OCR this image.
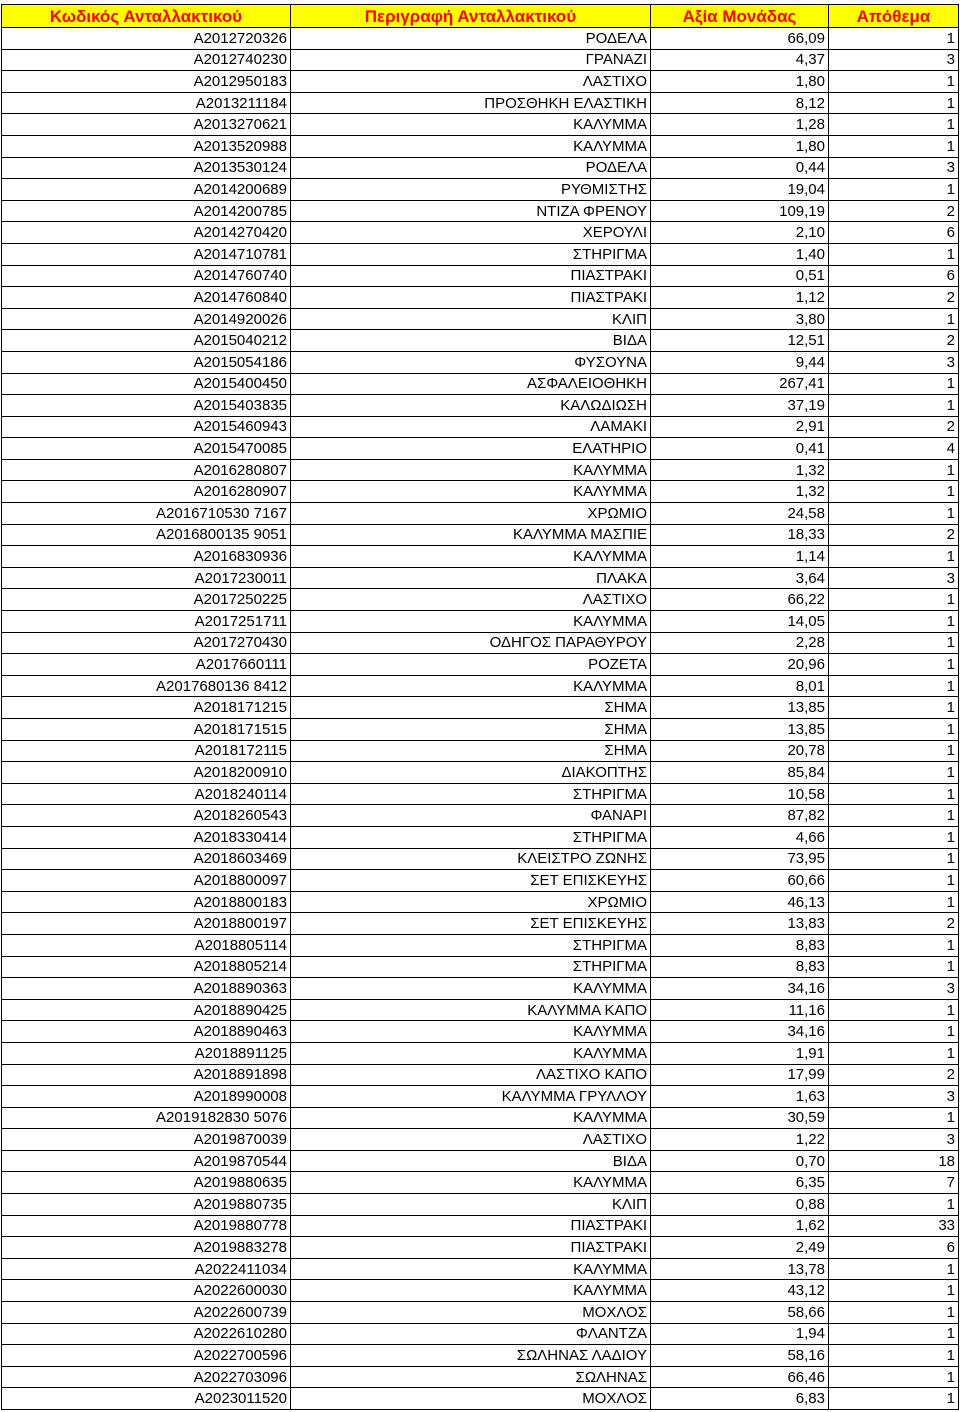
Κωδικός Ανταλλακτικού	Περιγραφή Ανταλλακτικού	Αξία Μονάδας	Απόθεμα
A2012720326	ΡΟΔΕΛΑ	66,09	1
A2012740230	ΓΡΑΝΑΖΙ	4,37	3
A2012950183	ΛΑΣΤΙΧΟ	1,80	1
A2013211184	ΠΡΟΣΘΗΚΗ ΕΛΑΣΤΙΚΗ	8,12	1
A2013270621	ΚΑΛΥΜΜΑ	1,28	1
A2013520988	ΚΑΛΥΜΜΑ	1,80	1
A2013530124	ΡΟΔΕΛΑ	0,44	3
A2014200689	ΡΥΘΜΙΣΤΗΣ	19,04	1
A2014200785	ΝΤΙΖΑ ΦΡΕΝΟΥ	109,19	2
A2014270420	ΧΕΡΟΥΛΙ	2,10	6
A2014710781	ΣΤΗΡΙΓΜΑ	1,40	1
A2014760740	ΠΙΑΣΤΡΑΚΙ	0,51	6
A2014760840	ΠΙΑΣΤΡΑΚΙ	1,12	2
A2014920026	ΚΛΙΠ	3,80	1
A2015040212	ΒΙΔΑ	12,51	2
A2015054186	ΦΥΣΟΥΝΑ	9,44	3
A2015400450	ΑΣΦΑΛΕΙΟΘΗΚΗ	267,41	1
A2015403835	ΚΑΛΩΔΙΩΣΗ	37,19	1
A2015460943	ΛΑΜΑΚΙ	2,91	2
A2015470085	ΕΛΑΤΗΡΙΟ	0,41	4
A2016280807	ΚΑΛΥΜΜΑ	1,32	1
A2016280907	ΚΑΛΥΜΜΑ	1,32	1
A2016710530 7167	ΧΡΩΜΙΟ	24,58	1
A2016800135 9051	ΚΑΛΥΜΜΑ ΜΑΣΠΙΕ	18,33	2
A2016830936	ΚΑΛΥΜΜΑ	1,14	1
A2017230011	ΠΛΑΚΑ	3,64	3
A2017250225	ΛΑΣΤΙΧΟ	66,22	1
A2017251711	ΚΑΛΥΜΜΑ	14,05	1
A2017270430	ΟΔΗΓΟΣ ΠΑΡΑΘΥΡΟΥ	2,28	1
A2017660111	ΡΟΖΕΤΑ	20,96	1
A2017680136 8412	ΚΑΛΥΜΜΑ	8,01	1
A2018171215	ΣΗΜΑ	13,85	1
A2018171515	ΣΗΜΑ	13,85	1
A2018172115	ΣΗΜΑ	20,78	1
A2018200910	ΔΙΑΚΟΠΤΗΣ	85,84	1
A2018240114	ΣΤΗΡΙΓΜΑ	10,58	1
A2018260543	ΦΑΝΑΡΙ	87,82	1
A2018330414	ΣΤΗΡΙΓΜΑ	4,66	1
A2018603469	ΚΛΕΙΣΤΡΟ ΖΩΝΗΣ	73,95	1
A2018800097	ΣΕΤ ΕΠΙΣΚΕΥΗΣ	60,66	1
A2018800183	ΧΡΩΜΙΟ	46,13	1
A2018800197	ΣΕΤ ΕΠΙΣΚΕΥΗΣ	13,83	2
A2018805114	ΣΤΗΡΙΓΜΑ	8,83	1
A2018805214	ΣΤΗΡΙΓΜΑ	8,83	1
A2018890363	ΚΑΛΥΜΜΑ	34,16	3
A2018890425	ΚΑΛΥΜΜΑ ΚΑΠΟ	11,16	1
A2018890463	ΚΑΛΥΜΜΑ	34,16	1
A2018891125	ΚΑΛΥΜΜΑ	1,91	1
A2018891898	ΛΑΣΤΙΧΟ ΚΑΠΟ	17,99	2
A2018990008	ΚΑΛΥΜΜΑ ΓΡΥΛΛΟΥ	1,63	3
A2019182830 5076	ΚΑΛΥΜΜΑ	30,59	1
A2019870039	ΛΑΣΤΙΧΟ	1,22	3
A2019870544	ΒΙΔΑ	0,70	18
A2019880635	ΚΑΛΥΜΜΑ	6,35	7
A2019880735	ΚΛΙΠ	0,88	1
A2019880778	ΠΙΑΣΤΡΑΚΙ	1,62	33
A2019883278	ΠΙΑΣΤΡΑΚΙ	2,49	6
A2022411034	ΚΑΛΥΜΜΑ	13,78	1
A2022600030	ΚΑΛΥΜΜΑ	43,12	1
A2022600739	ΜΟΧΛΟΣ	58,66	1
A2022610280	ΦΛΑΝΤΖΑ	1,94	1
A2022700596	ΣΩΛΗΝΑΣ ΛΑΔΙΟΥ	58,16	1
A2022703096	ΣΩΛΗΝΑΣ	66,46	1
A2023011520	ΜΟΧΛΟΣ	6,83	1
